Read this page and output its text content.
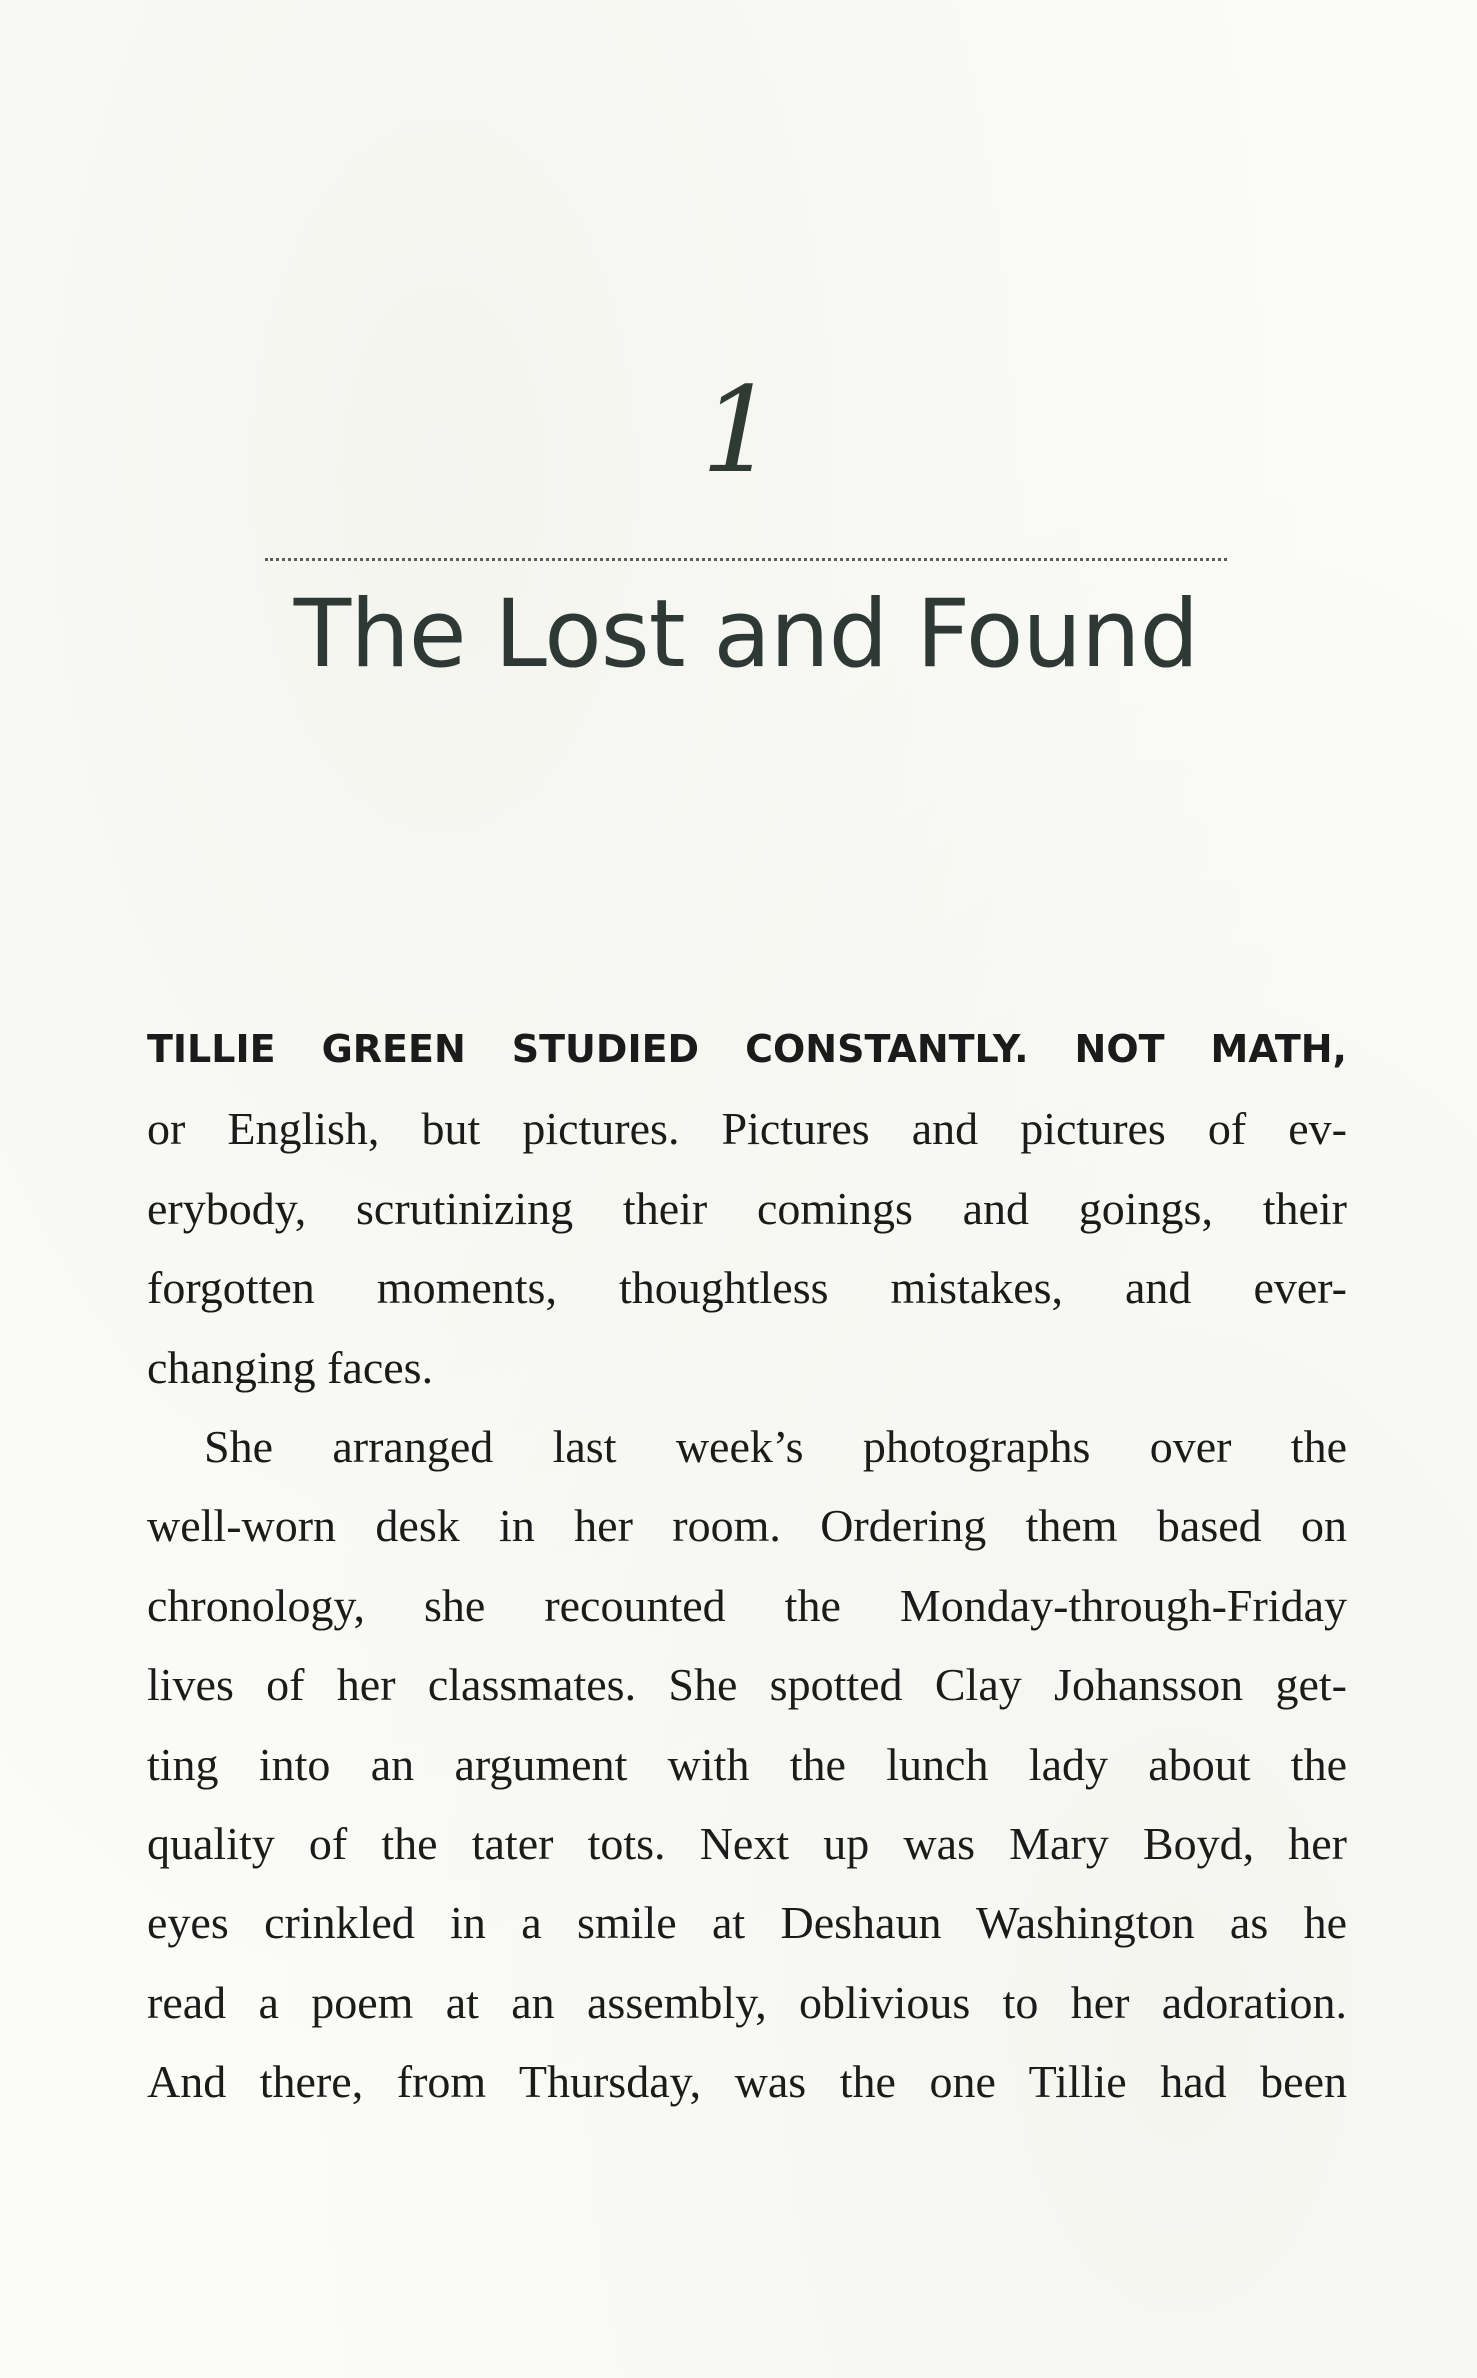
1
The Lost and Found
TILLIE GREEN STUDIED CONSTANTLY. NOT MATH,
or English, but pictures. Pictures and pictures of ev-
erybody, scrutinizing their comings and goings, their
forgotten moments, thoughtless mistakes, and ever-
changing faces.
She arranged last week’s photographs over the
well-worn desk in her room. Ordering them based on
chronology, she recounted the Monday-through-Friday
lives of her classmates. She spotted Clay Johansson get-
ting into an argument with the lunch lady about the
quality of the tater tots. Next up was Mary Boyd, her
eyes crinkled in a smile at Deshaun Washington as he
read a poem at an assembly, oblivious to her adoration.
And there, from Thursday, was the one Tillie had been
